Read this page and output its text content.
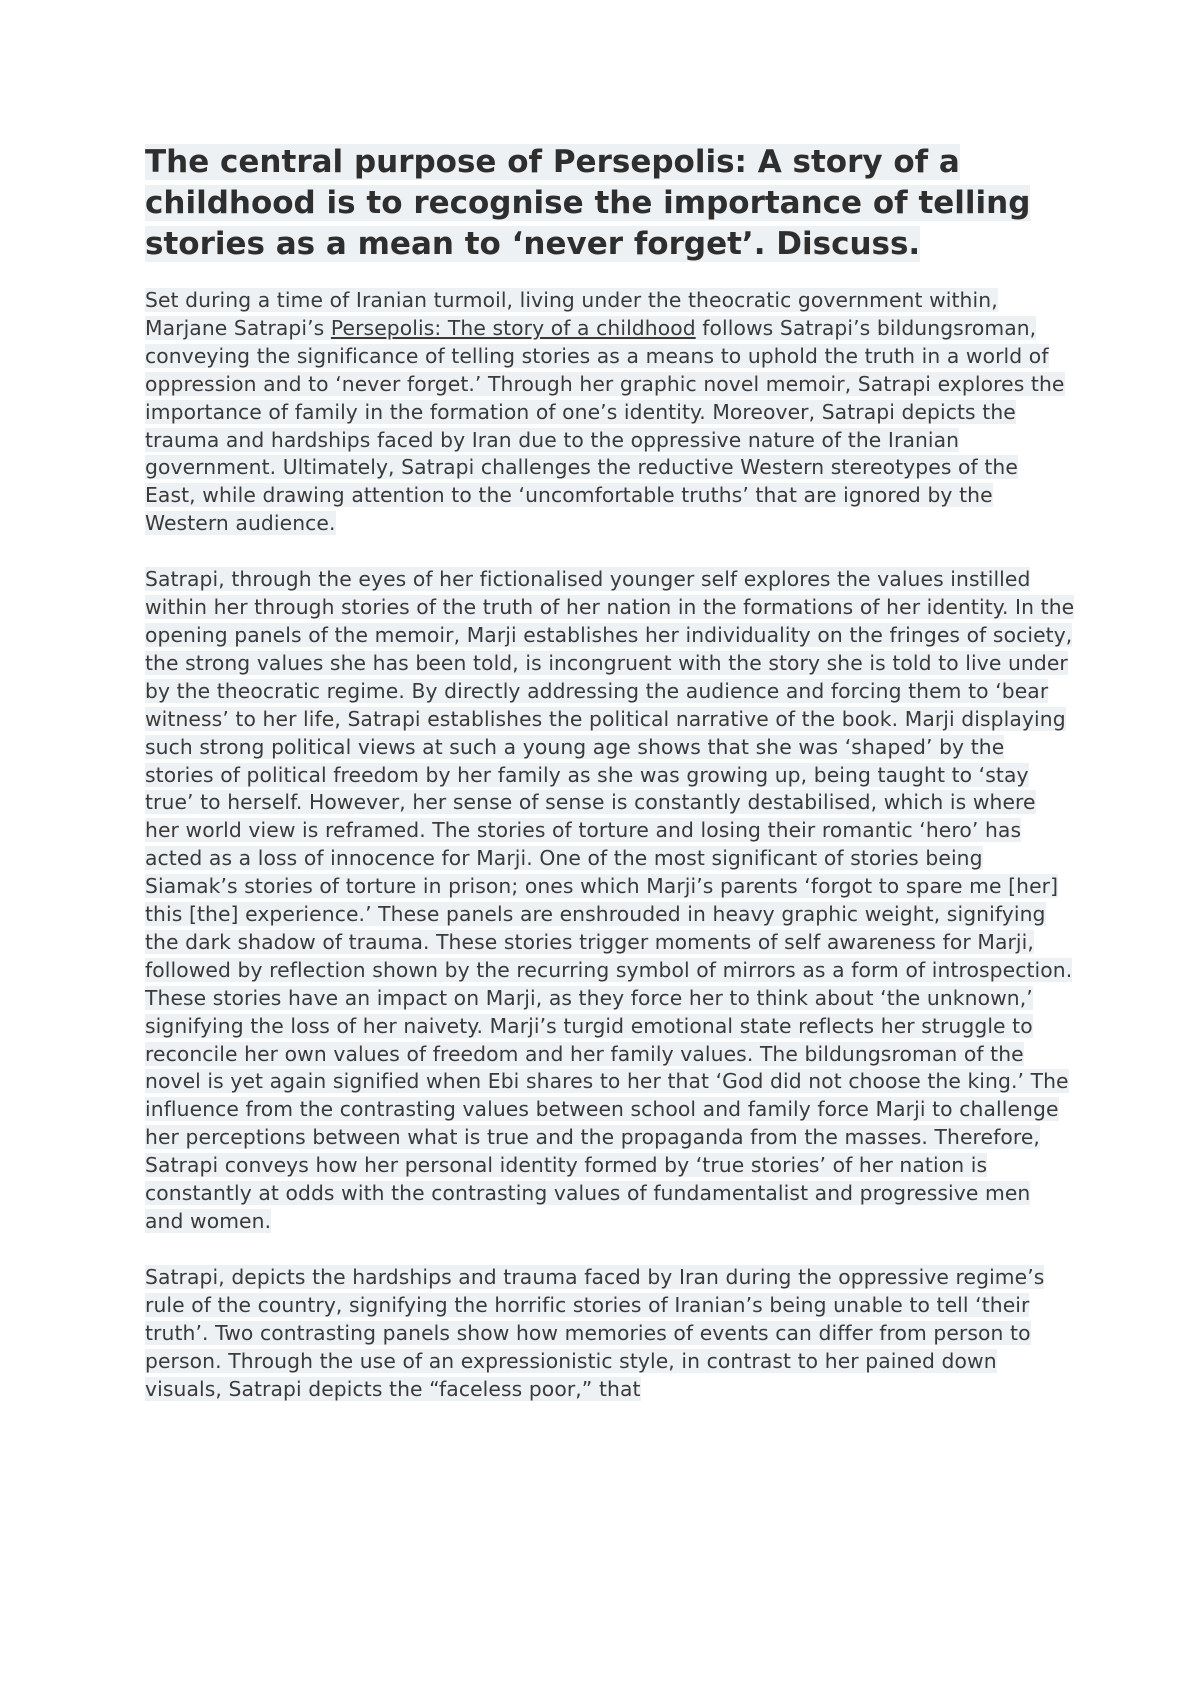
The central purpose of Persepolis: A story of a childhood is to recognise the importance of telling stories as a mean to ‘never forget’. Discuss.

Set during a time of Iranian turmoil, living under the theocratic government within, Marjane Satrapi’s Persepolis: The story of a childhood follows Satrapi’s bildungsroman, conveying the significance of telling stories as a means to uphold the truth in a world of oppression and to ‘never forget.’ Through her graphic novel memoir, Satrapi explores the importance of family in the formation of one’s identity. Moreover, Satrapi depicts the trauma and hardships faced by Iran due to the oppressive nature of the Iranian government. Ultimately, Satrapi challenges the reductive Western stereotypes of the East, while drawing attention to the ‘uncomfortable truths’ that are ignored by the Western audience.

Satrapi, through the eyes of her fictionalised younger self explores the values instilled within her through stories of the truth of her nation in the formations of her identity. In the opening panels of the memoir, Marji establishes her individuality on the fringes of society, the strong values she has been told, is incongruent with the story she is told to live under by the theocratic regime. By directly addressing the audience and forcing them to ‘bear witness’ to her life, Satrapi establishes the political narrative of the book. Marji displaying such strong political views at such a young age shows that she was ‘shaped’ by the stories of political freedom by her family as she was growing up, being taught to ‘stay true’ to herself. However, her sense of sense is constantly destabilised, which is where her world view is reframed. The stories of torture and losing their romantic ‘hero’ has acted as a loss of innocence for Marji. One of the most significant of stories being Siamak’s stories of torture in prison; ones which Marji’s parents ‘forgot to spare me [her] this [the] experience.’ These panels are enshrouded in heavy graphic weight, signifying the dark shadow of trauma. These stories trigger moments of self awareness for Marji, followed by reflection shown by the recurring symbol of mirrors as a form of introspection. These stories have an impact on Marji, as they force her to think about ‘the unknown,’ signifying the loss of her naivety. Marji’s turgid emotional state reflects her struggle to reconcile her own values of freedom and her family values. The bildungsroman of the novel is yet again signified when Ebi shares to her that ‘God did not choose the king.’ The influence from the contrasting values between school and family force Marji to challenge her perceptions between what is true and the propaganda from the masses. Therefore, Satrapi conveys how her personal identity formed by ‘true stories’ of her nation is constantly at odds with the contrasting values of fundamentalist and progressive men and women.

Satrapi, depicts the hardships and trauma faced by Iran during the oppressive regime’s rule of the country, signifying the horrific stories of Iranian’s being unable to tell ‘their truth’. Two contrasting panels show how memories of events can differ from person to person. Through the use of an expressionistic style, in contrast to her pained down visuals, Satrapi depicts the “faceless poor,” that
